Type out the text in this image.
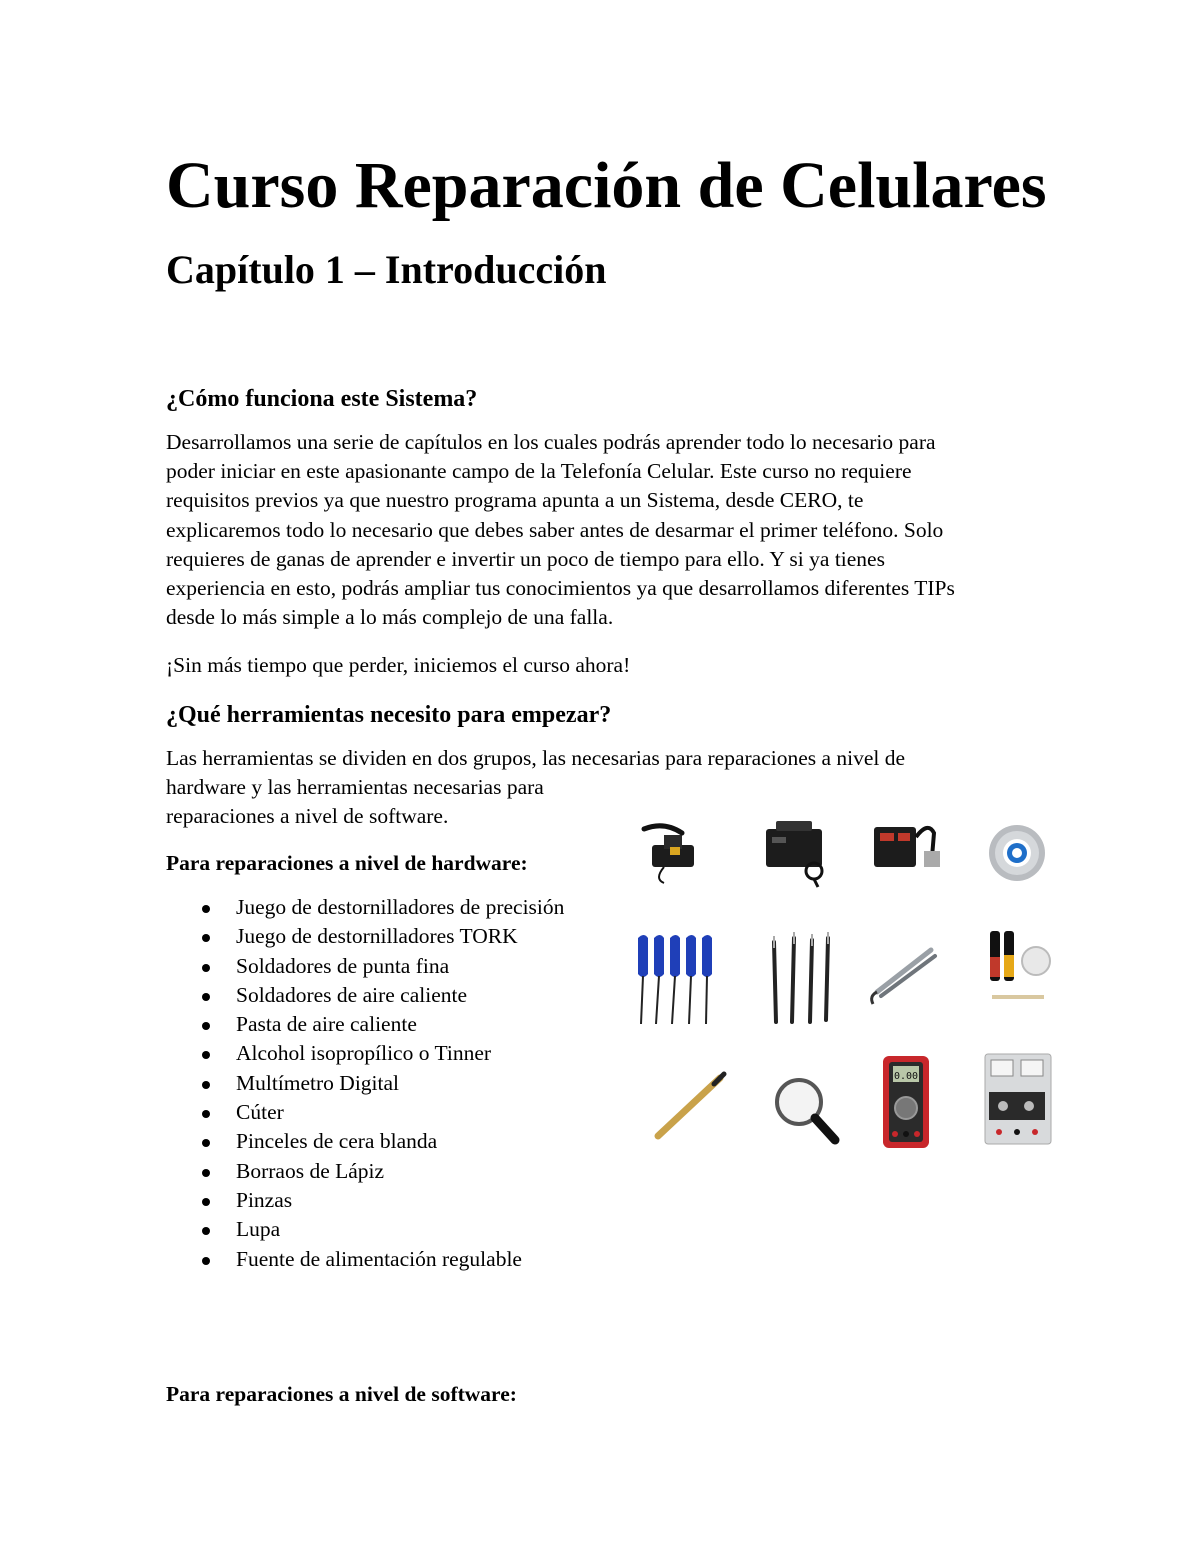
Curso Reparación de Celulares
Capítulo 1 – Introducción
¿Cómo funciona este Sistema?

Desarrollamos una serie de capítulos en los cuales podrás aprender todo lo necesario para
poder iniciar en este apasionante campo de la Telefonía Celular. Este curso no requiere
requisitos previos ya que nuestro programa apunta a un Sistema, desde CERO, te
explicaremos todo lo necesario que debes saber antes de desarmar el primer teléfono. Solo
requieres de ganas de aprender e invertir un poco de tiempo para ello. Y si ya tienes
experiencia en esto, podrás ampliar tus conocimientos ya que desarrollamos diferentes TIPs
desde lo más simple a lo más complejo de una falla.

¡Sin más tiempo que perder, iniciemos el curso ahora!

¿Qué herramientas necesito para empezar?

Las herramientas se dividen en dos grupos, las necesarias para reparaciones a nivel de
hardware y las herramientas necesarias para
reparaciones a nivel de software.

Para reparaciones a nivel de hardware:

Juego de destornilladores de precisión
Juego de destornilladores TORK
Soldadores de punta fina
Soldadores de aire caliente
Pasta de aire caliente
Alcohol isopropílico o Tinner
Multímetro Digital
Cúter
Pinceles de cera blanda
Borraos de Lápiz
Pinzas
Lupa
Fuente de alimentación regulable

Para reparaciones a nivel de software:

0.00
